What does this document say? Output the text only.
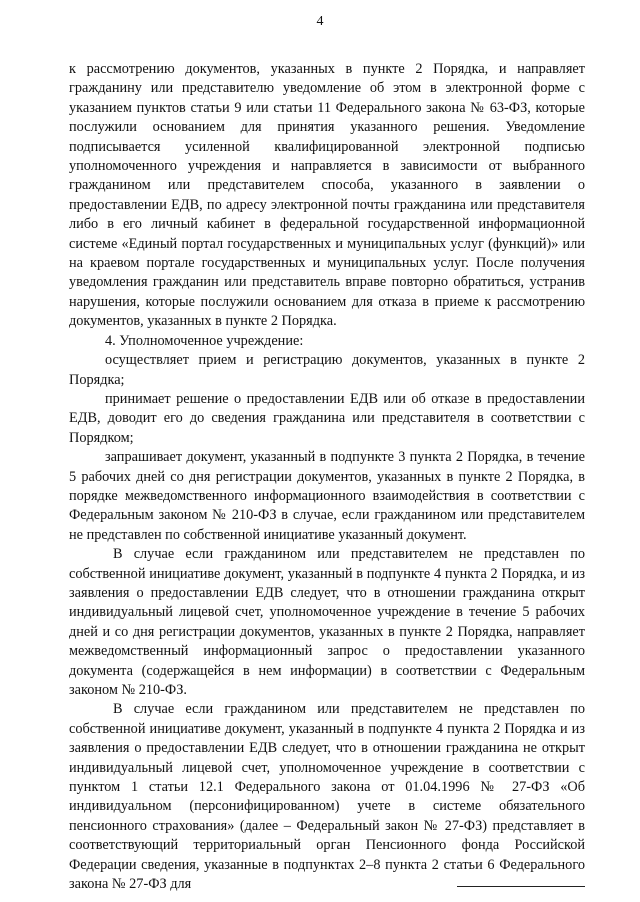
4

к рассмотрению документов, указанных в пункте 2 Порядка, и направляет гражданину или представителю уведомление об этом в электронной форме с указанием пунктов статьи 9 или статьи 11 Федерального закона № 63-ФЗ, которые послужили основанием для принятия указанного решения. Уведомление подписывается усиленной квалифицированной электронной подписью уполномоченного учреждения и направляется в зависимости от выбранного гражданином или представителем способа, указанного в заявлении о предоставлении ЕДВ, по адресу электронной почты гражданина или представителя либо в его личный кабинет в федеральной государственной информационной системе «Единый портал государственных и муниципальных услуг (функций)» или на краевом портале государственных и муниципальных услуг. После получения уведомления гражданин или представитель вправе повторно обратиться, устранив нарушения, которые послужили основанием для отказа в приеме к рассмотрению документов, указанных в пункте 2 Порядка.

4. Уполномоченное учреждение:

осуществляет прием и регистрацию документов, указанных в пункте 2 Порядка;

принимает решение о предоставлении ЕДВ или об отказе в предоставлении ЕДВ, доводит его до сведения гражданина или представителя в соответствии с Порядком;

запрашивает документ, указанный в подпункте 3 пункта 2 Порядка, в течение 5 рабочих дней со дня регистрации документов, указанных в пункте 2 Порядка, в порядке межведомственного информационного взаимодействия в соответствии с Федеральным законом № 210-ФЗ в случае, если гражданином или представителем не представлен по собственной инициативе указанный документ.

В случае если гражданином или представителем не представлен по собственной инициативе документ, указанный в подпункте 4 пункта 2 Порядка, и из заявления о предоставлении ЕДВ следует, что в отношении гражданина открыт индивидуальный лицевой счет, уполномоченное учреждение в течение 5 рабочих дней и со дня регистрации документов, указанных в пункте 2 Порядка, направляет межведомственный информационный запрос о предоставлении указанного документа (содержащейся в нем информации) в соответствии с Федеральным законом № 210-ФЗ.

В случае если гражданином или представителем не представлен по собственной инициативе документ, указанный в подпункте 4 пункта 2 Порядка и из заявления о предоставлении ЕДВ следует, что в отношении гражданина не открыт индивидуальный лицевой счет, уполномоченное учреждение в соответствии с пунктом 1 статьи 12.1 Федерального закона от 01.04.1996 № 27-ФЗ «Об индивидуальном (персонифицированном) учете в системе обязательного пенсионного страхования» (далее – Федеральный закон № 27-ФЗ) представляет в соответствующий территориальный орган Пенсионного фонда Российской Федерации сведения, указанные в подпунктах 2–8 пункта 2 статьи 6 Федерального закона № 27-ФЗ для
